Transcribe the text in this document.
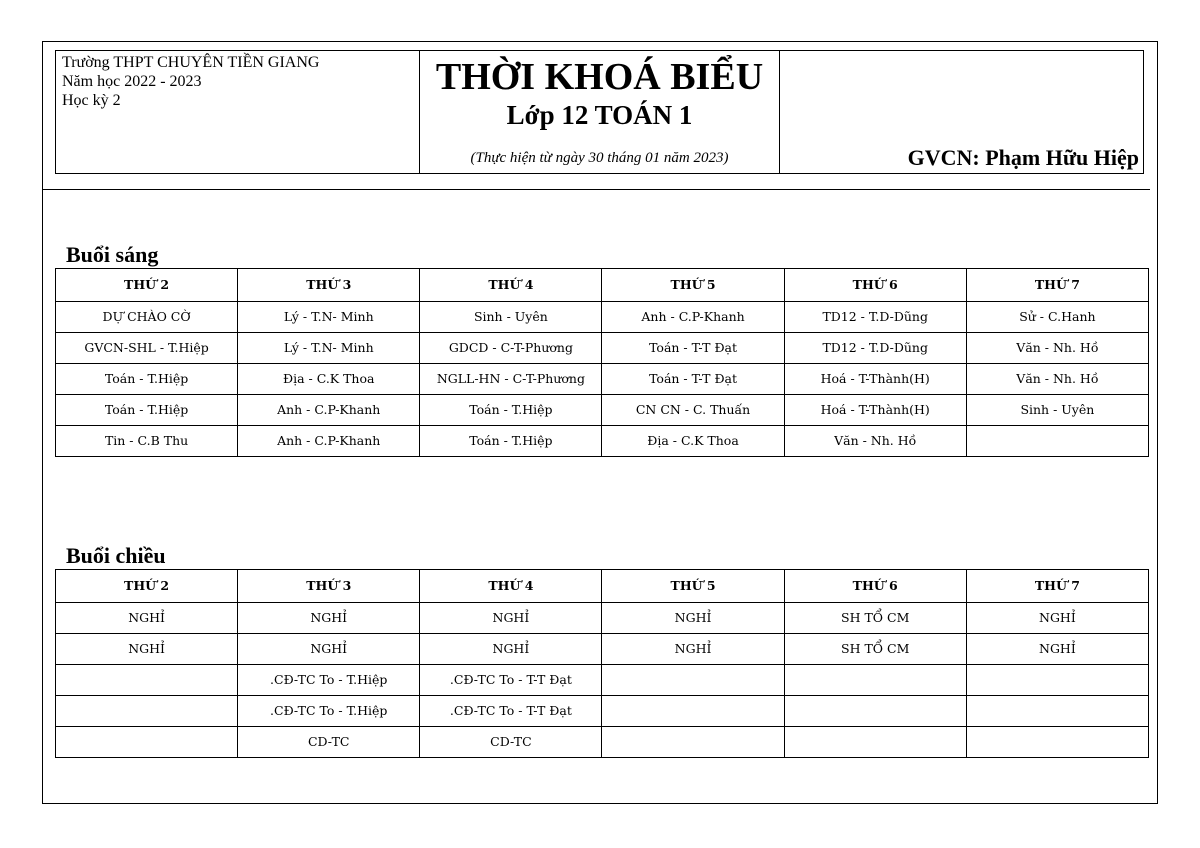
Trường THPT CHUYÊN TIỀN GIANG
Năm học 2022 - 2023
Học kỳ 2
THỜI KHOÁ BIỂU
Lớp 12 TOÁN 1
(Thực hiện từ ngày 30 tháng 01 năm 2023)	GVCN: Phạm Hữu Hiệp
Buổi sáng
THỨ 2	THỨ 3	THỨ 4	THỨ 5	THỨ 6	THỨ 7
DỰ CHÀO CỜ	Lý - T.N- Minh	Sinh - Uyên	Anh - C.P-Khanh	TD12 - T.D-Dũng	Sử - C.Hanh
GVCN-SHL - T.Hiệp	Lý - T.N- Minh	GDCD - C-T-Phương	Toán - T-T Đạt	TD12 - T.D-Dũng	Văn - Nh. Hồ
Toán - T.Hiệp	Địa - C.K Thoa	NGLL-HN - C-T-Phương	Toán - T-T Đạt	Hoá - T-Thành(H)	Văn - Nh. Hồ
Toán - T.Hiệp	Anh - C.P-Khanh	Toán - T.Hiệp	CN CN - C. Thuấn	Hoá - T-Thành(H)	Sinh - Uyên
Tin - C.B Thu	Anh - C.P-Khanh	Toán - T.Hiệp	Địa - C.K Thoa	Văn - Nh. Hồ	
Buổi chiều
THỨ 2	THỨ 3	THỨ 4	THỨ 5	THỨ 6	THỨ 7
NGHỈ	NGHỈ	NGHỈ	NGHỈ	SH TỔ CM	NGHỈ
NGHỈ	NGHỈ	NGHỈ	NGHỈ	SH TỔ CM	NGHỈ
	.CĐ-TC To - T.Hiệp	.CĐ-TC To - T-T Đạt			
	.CĐ-TC To - T.Hiệp	.CĐ-TC To - T-T Đạt			
	CD-TC	CD-TC			
